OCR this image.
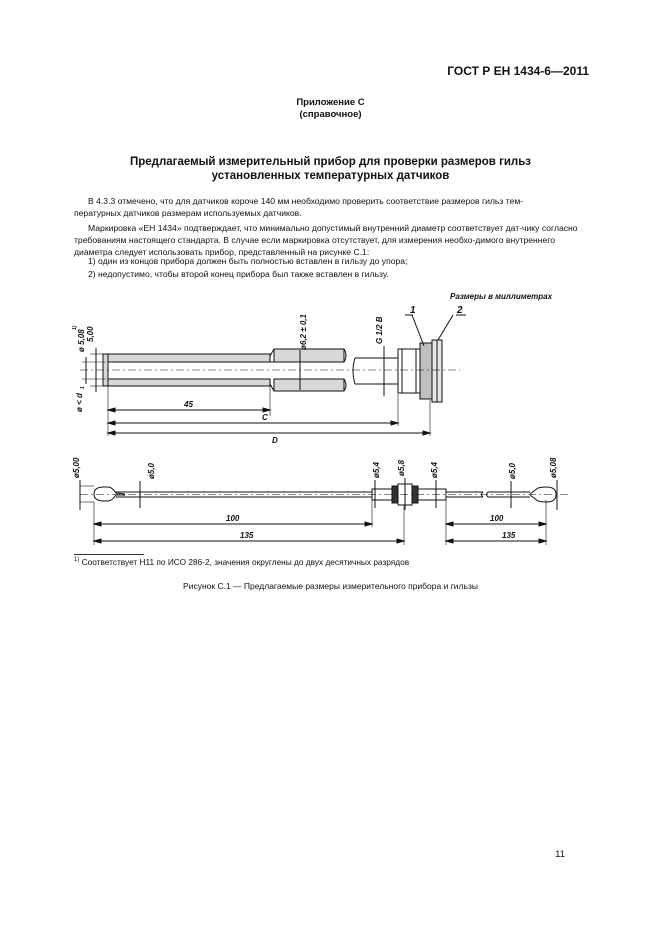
ГОСТ Р ЕН 1434-6—2011
Приложение С
(справочное)
Предлагаемый измерительный прибор для проверки размеров гильз
установленных температурных датчиков
В 4.3.3 отмечено, что для датчиков короче 140 мм необходимо проверить соответствие размеров гильз тем-
пературных датчиков размерам используемых датчиков.
Маркировка «ЕН 1434» подтверждает, что минимально допустимый внутренний диаметр соответствует дат-чику согласно требованиям настоящего стандарта. В случае если маркировка отсутствует, для измерения необхо-димого внутреннего диаметра следует использовать прибор, представленный на рисунке С.1:
1) один из концов прибора должен быть полностью вставлен в гильзу до упора;
2) недопустимо, чтобы второй конец прибора был также вставлен в гильзу.
Размеры в миллиметрах
1	2
ø 5,08
1) 5,00
ø < d
1
ø6,2 ± 0,1	G 1/2 B
45
C
D
ø5,00	ø5,0	ø5,4 ø5,8	ø5,4	ø5,0	ø5,08
100
135
100
135
$^{1)}$ Соответствует H11 по ИСО 286-2, значения округлены до двух десятичных разрядов
Рисунок С.1 — Предлагаемые размеры измерительного прибора и гильзы
11
